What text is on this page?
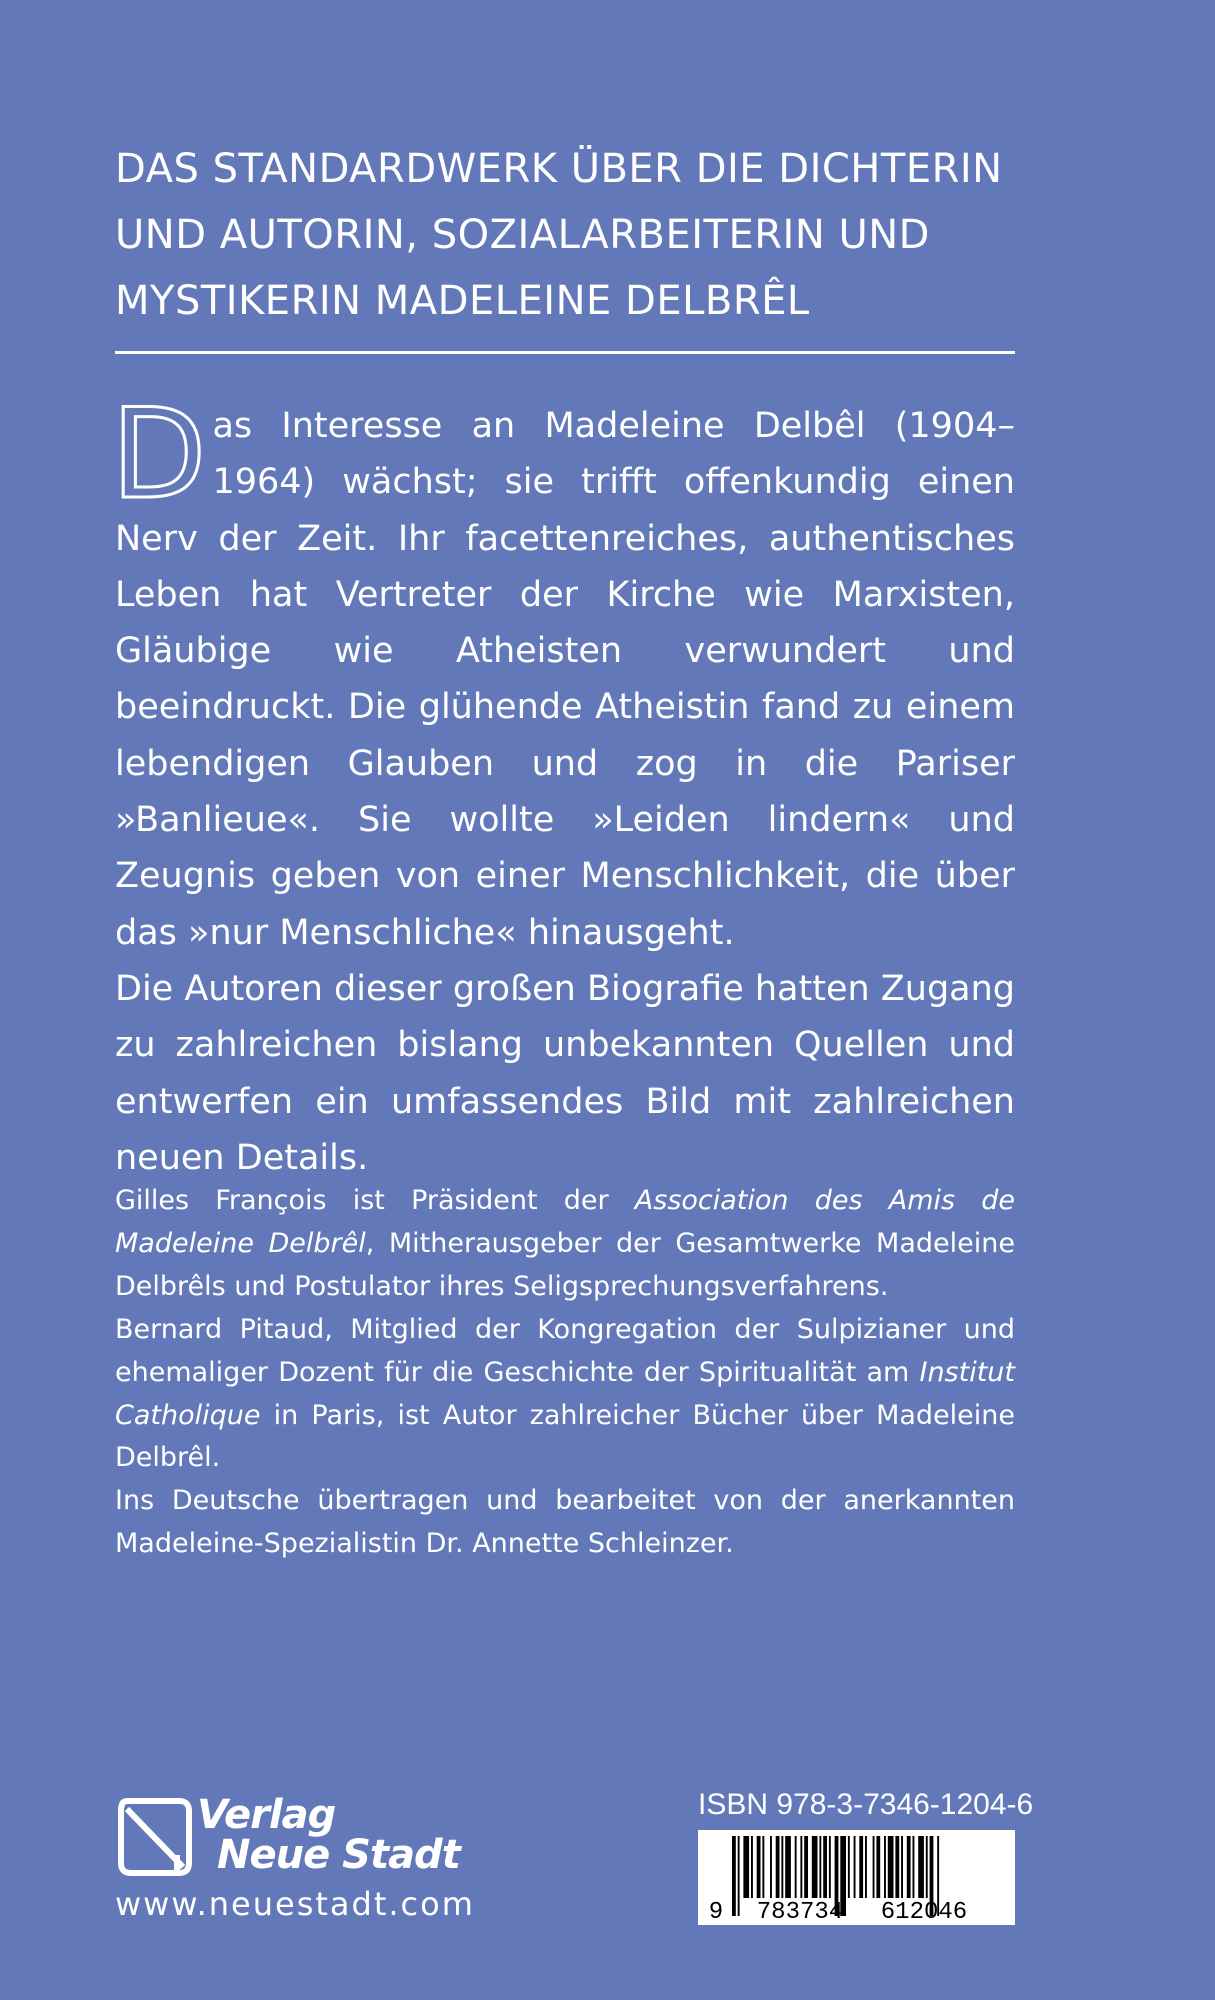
DAS STANDARDWERK ÜBER DIE DICHTERIN
UND AUTORIN, SOZIALARBEITERIN UND
MYSTIKERIN MADELEINE DELBRÊL

Das Interesse an Madeleine Delbêl (1904–1964) wächst; sie trifft offenkundig einen Nerv der Zeit. Ihr facettenreiches, authentisches Leben hat Vertreter der Kirche wie Marxisten, Gläubige wie Atheisten verwundert und beeindruckt. Die glühende Atheistin fand zu einem lebendigen Glauben und zog in die Pariser »Banlieue«. Sie wollte »Leiden lindern« und Zeugnis geben von einer Menschlichkeit, die über das »nur Menschliche« hinausgeht.

Die Autoren dieser großen Biografie hatten Zugang zu zahlreichen bislang unbekannten Quellen und entwerfen ein umfassendes Bild mit zahlreichen neuen Details.

Gilles François ist Präsident der Association des Amis de Madeleine Delbrêl, Mitherausgeber der Gesamtwerke Madeleine Delbrêls und Postulator ihres Seligsprechungsverfahrens.

Bernard Pitaud, Mitglied der Kongregation der Sulpizianer und ehemaliger Dozent für die Geschichte der Spiritualität am Institut Catholique in Paris, ist Autor zahlreicher Bücher über Madeleine Delbrêl.

Ins Deutsche übertragen und bearbeitet von der anerkannten Madeleine-Spezialistin Dr. Annette Schleinzer.

Verlag
Neue Stadt
www.neuestadt.com
ISBN 978-3-7346-1204-6
9 783734 612046
